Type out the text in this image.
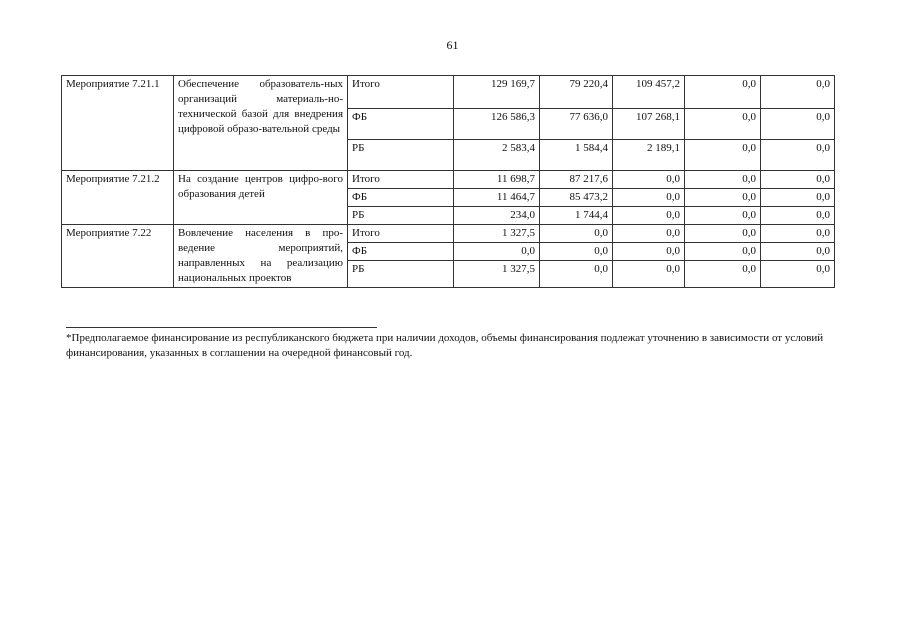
61
Мероприятие 7.21.1	Обеспечение образователь-ных организаций материаль-но-технической базой для внедрения цифровой образо-вательной среды	Итого	129 169,7	79 220,4	109 457,2	0,0	0,0
		ФБ	126 586,3	77 636,0	107 268,1	0,0	0,0
		РБ	2 583,4	1 584,4	2 189,1	0,0	0,0
Мероприятие 7.21.2	На создание центров цифро-вого образования детей	Итого	11 698,7	87 217,6	0,0	0,0	0,0
		ФБ	11 464,7	85 473,2	0,0	0,0	0,0
		РБ	234,0	1 744,4	0,0	0,0	0,0
Мероприятие 7.22	Вовлечение населения в про-ведение мероприятий, направленных на реализацию национальных проектов	Итого	1 327,5	0,0	0,0	0,0	0,0
		ФБ	0,0	0,0	0,0	0,0	0,0
		РБ	1 327,5	0,0	0,0	0,0	0,0
*Предполагаемое финансирование из республиканского бюджета при наличии доходов, объемы финансирования подлежат уточнению в зависимости от условий финансирования, указанных в соглашении на очередной финансовый год.
